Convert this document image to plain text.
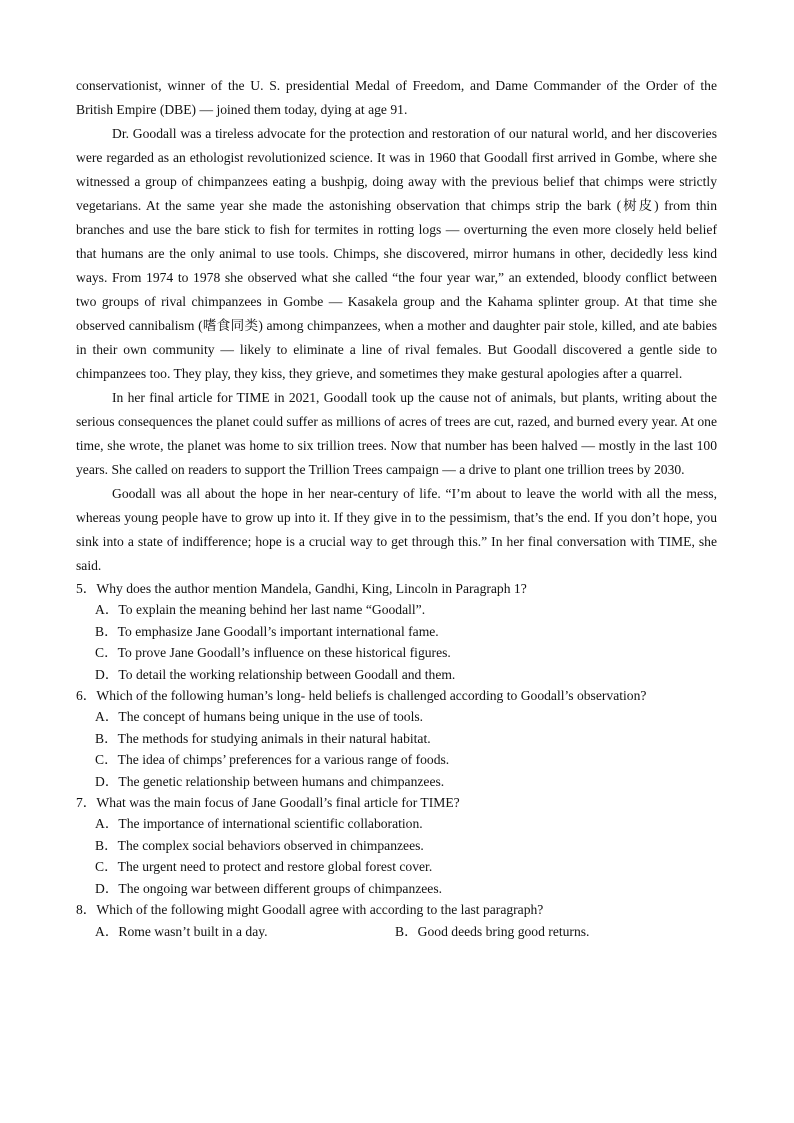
conservationist, winner of the U. S. presidential Medal of Freedom, and Dame Commander of the Order of the British Empire (DBE) — joined them today, dying at age 91.

Dr. Goodall was a tireless advocate for the protection and restoration of our natural world, and her discoveries were regarded as an ethologist revolutionized science. It was in 1960 that Goodall first arrived in Gombe, where she witnessed a group of chimpanzees eating a bushpig, doing away with the previous belief that chimps were strictly vegetarians. At the same year she made the astonishing observation that chimps strip the bark (树皮) from thin branches and use the bare stick to fish for termites in rotting logs — overturning the even more closely held belief that humans are the only animal to use tools. Chimps, she discovered, mirror humans in other, decidedly less kind ways. From 1974 to 1978 she observed what she called “the four year war,” an extended, bloody conflict between two groups of rival chimpanzees in Gombe — Kasakela group and the Kahama splinter group. At that time she observed cannibalism (嗜食同类) among chimpanzees, when a mother and daughter pair stole, killed, and ate babies in their own community — likely to eliminate a line of rival females. But Goodall discovered a gentle side to chimpanzees too. They play, they kiss, they grieve, and sometimes they make gestural apologies after a quarrel.

In her final article for TIME in 2021, Goodall took up the cause not of animals, but plants, writing about the serious consequences the planet could suffer as millions of acres of trees are cut, razed, and burned every year. At one time, she wrote, the planet was home to six trillion trees. Now that number has been halved — mostly in the last 100 years. She called on readers to support the Trillion Trees campaign — a drive to plant one trillion trees by 2030.

Goodall was all about the hope in her near-century of life. “I’m about to leave the world with all the mess, whereas young people have to grow up into it. If they give in to the pessimism, that’s the end. If you don’t hope, you sink into a state of indifference; hope is a crucial way to get through this.” In her final conversation with TIME, she said.

5．Why does the author mention Mandela, Gandhi, King, Lincoln in Paragraph 1?

A．To explain the meaning behind her last name “Goodall”.

B．To emphasize Jane Goodall’s important international fame.

C．To prove Jane Goodall’s influence on these historical figures.

D．To detail the working relationship between Goodall and them.

6．Which of the following human’s long- held beliefs is challenged according to Goodall’s observation?

A．The concept of humans being unique in the use of tools.

B．The methods for studying animals in their natural habitat.

C．The idea of chimps’ preferences for a various range of foods.

D．The genetic relationship between humans and chimpanzees.

7．What was the main focus of Jane Goodall’s final article for TIME?

A．The importance of international scientific collaboration.

B．The complex social behaviors observed in chimpanzees.

C．The urgent need to protect and restore global forest cover.

D．The ongoing war between different groups of chimpanzees.

8．Which of the following might Goodall agree with according to the last paragraph?

A．Rome wasn’t built in a day.	B．Good deeds bring good returns.
